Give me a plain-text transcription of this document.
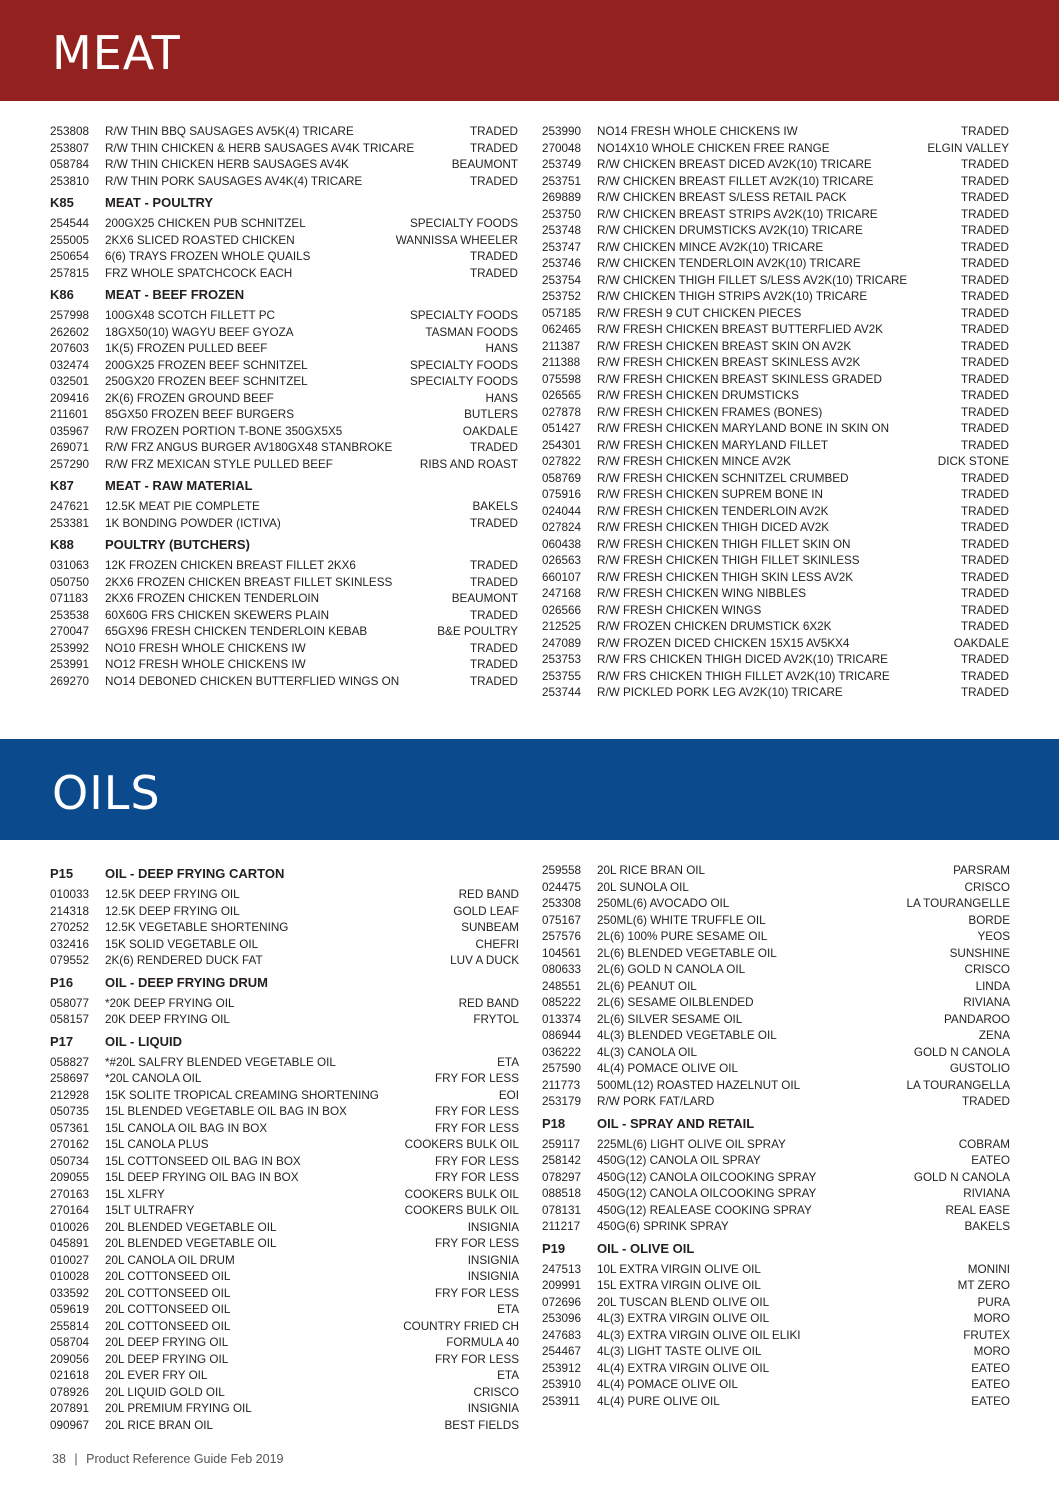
MEAT
253808	R/W THIN BBQ SAUSAGES AV5K(4) TRICARE	TRADED
253807	R/W THIN CHICKEN & HERB SAUSAGES AV4K TRICARE	TRADED
058784	R/W THIN CHICKEN HERB SAUSAGES AV4K	BEAUMONT
253810	R/W THIN PORK SAUSAGES AV4K(4) TRICARE	TRADED
K85	MEAT - POULTRY
254544	200GX25 CHICKEN PUB SCHNITZEL	SPECIALTY FOODS
255005	2KX6 SLICED ROASTED CHICKEN	WANNISSA WHEELER
250654	6(6) TRAYS FROZEN WHOLE QUAILS	TRADED
257815	FRZ WHOLE SPATCHCOCK EACH	TRADED
K86	MEAT - BEEF FROZEN
257998	100GX48 SCOTCH FILLETT PC	SPECIALTY FOODS
262602	18GX50(10) WAGYU BEEF GYOZA	TASMAN FOODS
207603	1K(5) FROZEN PULLED BEEF	HANS
032474	200GX25 FROZEN BEEF SCHNITZEL	SPECIALTY FOODS
032501	250GX20 FROZEN BEEF SCHNITZEL	SPECIALTY FOODS
209416	2K(6) FROZEN GROUND BEEF	HANS
211601	85GX50 FROZEN BEEF BURGERS	BUTLERS
035967	R/W FROZEN PORTION T-BONE 350GX5X5	OAKDALE
269071	R/W FRZ ANGUS BURGER AV180GX48 STANBROKE	TRADED
257290	R/W FRZ MEXICAN STYLE PULLED BEEF	RIBS AND ROAST
K87	MEAT - RAW MATERIAL
247621	12.5K MEAT PIE COMPLETE	BAKELS
253381	1K BONDING POWDER (ICTIVA)	TRADED
K88	POULTRY (BUTCHERS)
031063	12K FROZEN CHICKEN BREAST FILLET 2KX6	TRADED
050750	2KX6 FROZEN CHICKEN BREAST FILLET SKINLESS	TRADED
071183	2KX6 FROZEN CHICKEN TENDERLOIN	BEAUMONT
253538	60X60G FRS CHICKEN SKEWERS PLAIN	TRADED
270047	65GX96 FRESH CHICKEN TENDERLOIN KEBAB	B&E POULTRY
253992	NO10 FRESH WHOLE CHICKENS IW	TRADED
253991	NO12 FRESH WHOLE CHICKENS IW	TRADED
269270	NO14 DEBONED CHICKEN BUTTERFLIED WINGS ON	TRADED
253990	NO14 FRESH WHOLE CHICKENS IW	TRADED
270048	NO14X10 WHOLE CHICKEN FREE RANGE	ELGIN VALLEY
253749	R/W CHICKEN BREAST DICED AV2K(10) TRICARE	TRADED
253751	R/W CHICKEN BREAST FILLET AV2K(10) TRICARE	TRADED
269889	R/W CHICKEN BREAST S/LESS RETAIL PACK	TRADED
253750	R/W CHICKEN BREAST STRIPS AV2K(10) TRICARE	TRADED
253748	R/W CHICKEN DRUMSTICKS AV2K(10) TRICARE	TRADED
253747	R/W CHICKEN MINCE AV2K(10) TRICARE	TRADED
253746	R/W CHICKEN TENDERLOIN AV2K(10) TRICARE	TRADED
253754	R/W CHICKEN THIGH FILLET S/LESS AV2K(10) TRICARE	TRADED
253752	R/W CHICKEN THIGH STRIPS AV2K(10) TRICARE	TRADED
057185	R/W FRESH 9 CUT CHICKEN PIECES	TRADED
062465	R/W FRESH CHICKEN BREAST BUTTERFLIED AV2K	TRADED
211387	R/W FRESH CHICKEN BREAST SKIN ON AV2K	TRADED
211388	R/W FRESH CHICKEN BREAST SKINLESS AV2K	TRADED
075598	R/W FRESH CHICKEN BREAST SKINLESS GRADED	TRADED
026565	R/W FRESH CHICKEN DRUMSTICKS	TRADED
027878	R/W FRESH CHICKEN FRAMES (BONES)	TRADED
051427	R/W FRESH CHICKEN MARYLAND BONE IN SKIN ON	TRADED
254301	R/W FRESH CHICKEN MARYLAND FILLET	TRADED
027822	R/W FRESH CHICKEN MINCE AV2K	DICK STONE
058769	R/W FRESH CHICKEN SCHNITZEL CRUMBED	TRADED
075916	R/W FRESH CHICKEN SUPREM BONE IN	TRADED
024044	R/W FRESH CHICKEN TENDERLOIN AV2K	TRADED
027824	R/W FRESH CHICKEN THIGH DICED AV2K	TRADED
060438	R/W FRESH CHICKEN THIGH FILLET SKIN ON	TRADED
026563	R/W FRESH CHICKEN THIGH FILLET SKINLESS	TRADED
660107	R/W FRESH CHICKEN THIGH SKIN LESS AV2K	TRADED
247168	R/W FRESH CHICKEN WING NIBBLES	TRADED
026566	R/W FRESH CHICKEN WINGS	TRADED
212525	R/W FROZEN CHICKEN DRUMSTICK 6X2K	TRADED
247089	R/W FROZEN DICED CHICKEN 15X15 AV5KX4	OAKDALE
253753	R/W FRS CHICKEN THIGH DICED AV2K(10) TRICARE	TRADED
253755	R/W FRS CHICKEN THIGH FILLET AV2K(10) TRICARE	TRADED
253744	R/W PICKLED PORK LEG AV2K(10) TRICARE	TRADED
OILS
P15	OIL - DEEP FRYING CARTON
010033	12.5K DEEP FRYING OIL	RED BAND
214318	12.5K DEEP FRYING OIL	GOLD LEAF
270252	12.5K VEGETABLE SHORTENING	SUNBEAM
032416	15K SOLID VEGETABLE OIL	CHEFRI
079552	2K(6) RENDERED DUCK FAT	LUV A DUCK
P16	OIL - DEEP FRYING DRUM
058077	*20K DEEP FRYING OIL	RED BAND
058157	20K DEEP FRYING OIL	FRYTOL
P17	OIL - LIQUID
058827	*#20L SALFRY BLENDED VEGETABLE OIL	ETA
258697	*20L CANOLA OIL	FRY FOR LESS
212928	15K SOLITE TROPICAL CREAMING SHORTENING	EOI
050735	15L BLENDED VEGETABLE OIL BAG IN BOX	FRY FOR LESS
057361	15L CANOLA OIL BAG IN BOX	FRY FOR LESS
270162	15L CANOLA PLUS	COOKERS BULK OIL
050734	15L COTTONSEED OIL BAG IN BOX	FRY FOR LESS
209055	15L DEEP FRYING OIL BAG IN BOX	FRY FOR LESS
270163	15L XLFRY	COOKERS BULK OIL
270164	15LT ULTRAFRY	COOKERS BULK OIL
010026	20L BLENDED VEGETABLE OIL	INSIGNIA
045891	20L BLENDED VEGETABLE OIL	FRY FOR LESS
010027	20L CANOLA OIL DRUM	INSIGNIA
010028	20L COTTONSEED OIL	INSIGNIA
033592	20L COTTONSEED OIL	FRY FOR LESS
059619	20L COTTONSEED OIL	ETA
255814	20L COTTONSEED OIL	COUNTRY FRIED CH
058704	20L DEEP FRYING OIL	FORMULA 40
209056	20L DEEP FRYING OIL	FRY FOR LESS
021618	20L EVER FRY OIL	ETA
078926	20L LIQUID GOLD OIL	CRISCO
207891	20L PREMIUM FRYING OIL	INSIGNIA
090967	20L RICE BRAN OIL	BEST FIELDS
259558	20L RICE BRAN OIL	PARSRAM
024475	20L SUNOLA OIL	CRISCO
253308	250ML(6) AVOCADO OIL	LA TOURANGELLE
075167	250ML(6) WHITE TRUFFLE OIL	BORDE
257576	2L(6) 100% PURE SESAME OIL	YEOS
104561	2L(6) BLENDED VEGETABLE OIL	SUNSHINE
080633	2L(6) GOLD N CANOLA OIL	CRISCO
248551	2L(6) PEANUT OIL	LINDA
085222	2L(6) SESAME OILBLENDED	RIVIANA
013374	2L(6) SILVER SESAME OIL	PANDAROO
086944	4L(3) BLENDED VEGETABLE OIL	ZENA
036222	4L(3) CANOLA OIL	GOLD N CANOLA
257590	4L(4) POMACE OLIVE OIL	GUSTOLIO
211773	500ML(12) ROASTED HAZELNUT OIL	LA TOURANGELLA
253179	R/W PORK FAT/LARD	TRADED
P18	OIL - SPRAY AND RETAIL
259117	225ML(6) LIGHT OLIVE OIL SPRAY	COBRAM
258142	450G(12) CANOLA OIL SPRAY	EATEO
078297	450G(12) CANOLA OILCOOKING SPRAY	GOLD N CANOLA
088518	450G(12) CANOLA OILCOOKING SPRAY	RIVIANA
078131	450G(12) REALEASE COOKING SPRAY	REAL EASE
211217	450G(6) SPRINK SPRAY	BAKELS
P19	OIL - OLIVE OIL
247513	10L EXTRA VIRGIN OLIVE OIL	MONINI
209991	15L EXTRA VIRGIN OLIVE OIL	MT ZERO
072696	20L TUSCAN BLEND OLIVE OIL	PURA
253096	4L(3) EXTRA VIRGIN OLIVE OIL	MORO
247683	4L(3) EXTRA VIRGIN OLIVE OIL ELIKI	FRUTEX
254467	4L(3) LIGHT TASTE OLIVE OIL	MORO
253912	4L(4) EXTRA VIRGIN OLIVE OIL	EATEO
253910	4L(4) POMACE OLIVE OIL	EATEO
253911	4L(4) PURE OLIVE OIL	EATEO
38 | Product Reference Guide Feb 2019
